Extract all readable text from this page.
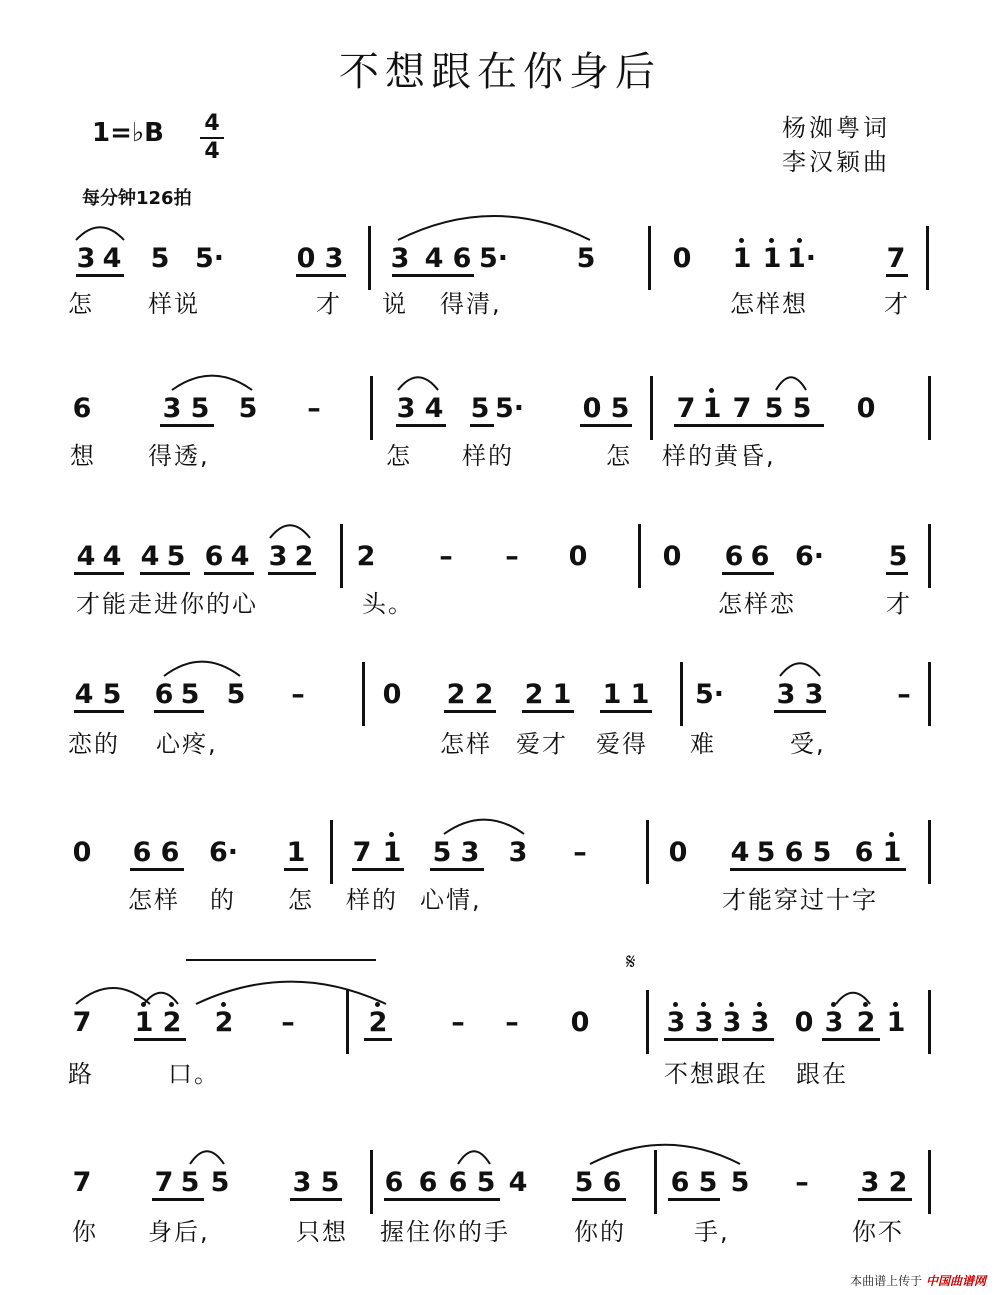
不想跟在你身后
1=♭B 4
4
杨洳粤词
李汉颖曲
每分钟126拍
𝄋
本曲谱上传于 中国曲谱网
3 4 5 5·	0 3 3 4 6 5·	5	0 1 1 1·	7
怎 样说	才 说 得清,	怎样想	才
6	3 5 5 –	3 4 5 5· 0 5 7 1 7 5 5 0
想 得透,	怎 样的	怎 样的黄昏,
4 4 4 5 6 4 3 2 2 – – 0	0 6 6 6· 5
才能走进你的心	头。	怎样恋	才
4 5 6 5 5 –	0 2 2 2 1 1 1 5· 3 3	–
恋的 心疼,	怎样 爱才 爱得 难	受,
0 6 6 6· 1 7 1 5 3 3 –	0 4 5 6 5 6 1
怎样 的 怎 样的 心情,	才能穿过十字
7 1 2 2 –	2 – – 0	3 3 3 3 0 3 2 1
路	口。	不想跟在 跟在
7 7 5 5 3 5 6 6 6 5 4 5 6 6 5 5 – 3 2
你 身后,	只想 握住你的手	你的	手,	你不
